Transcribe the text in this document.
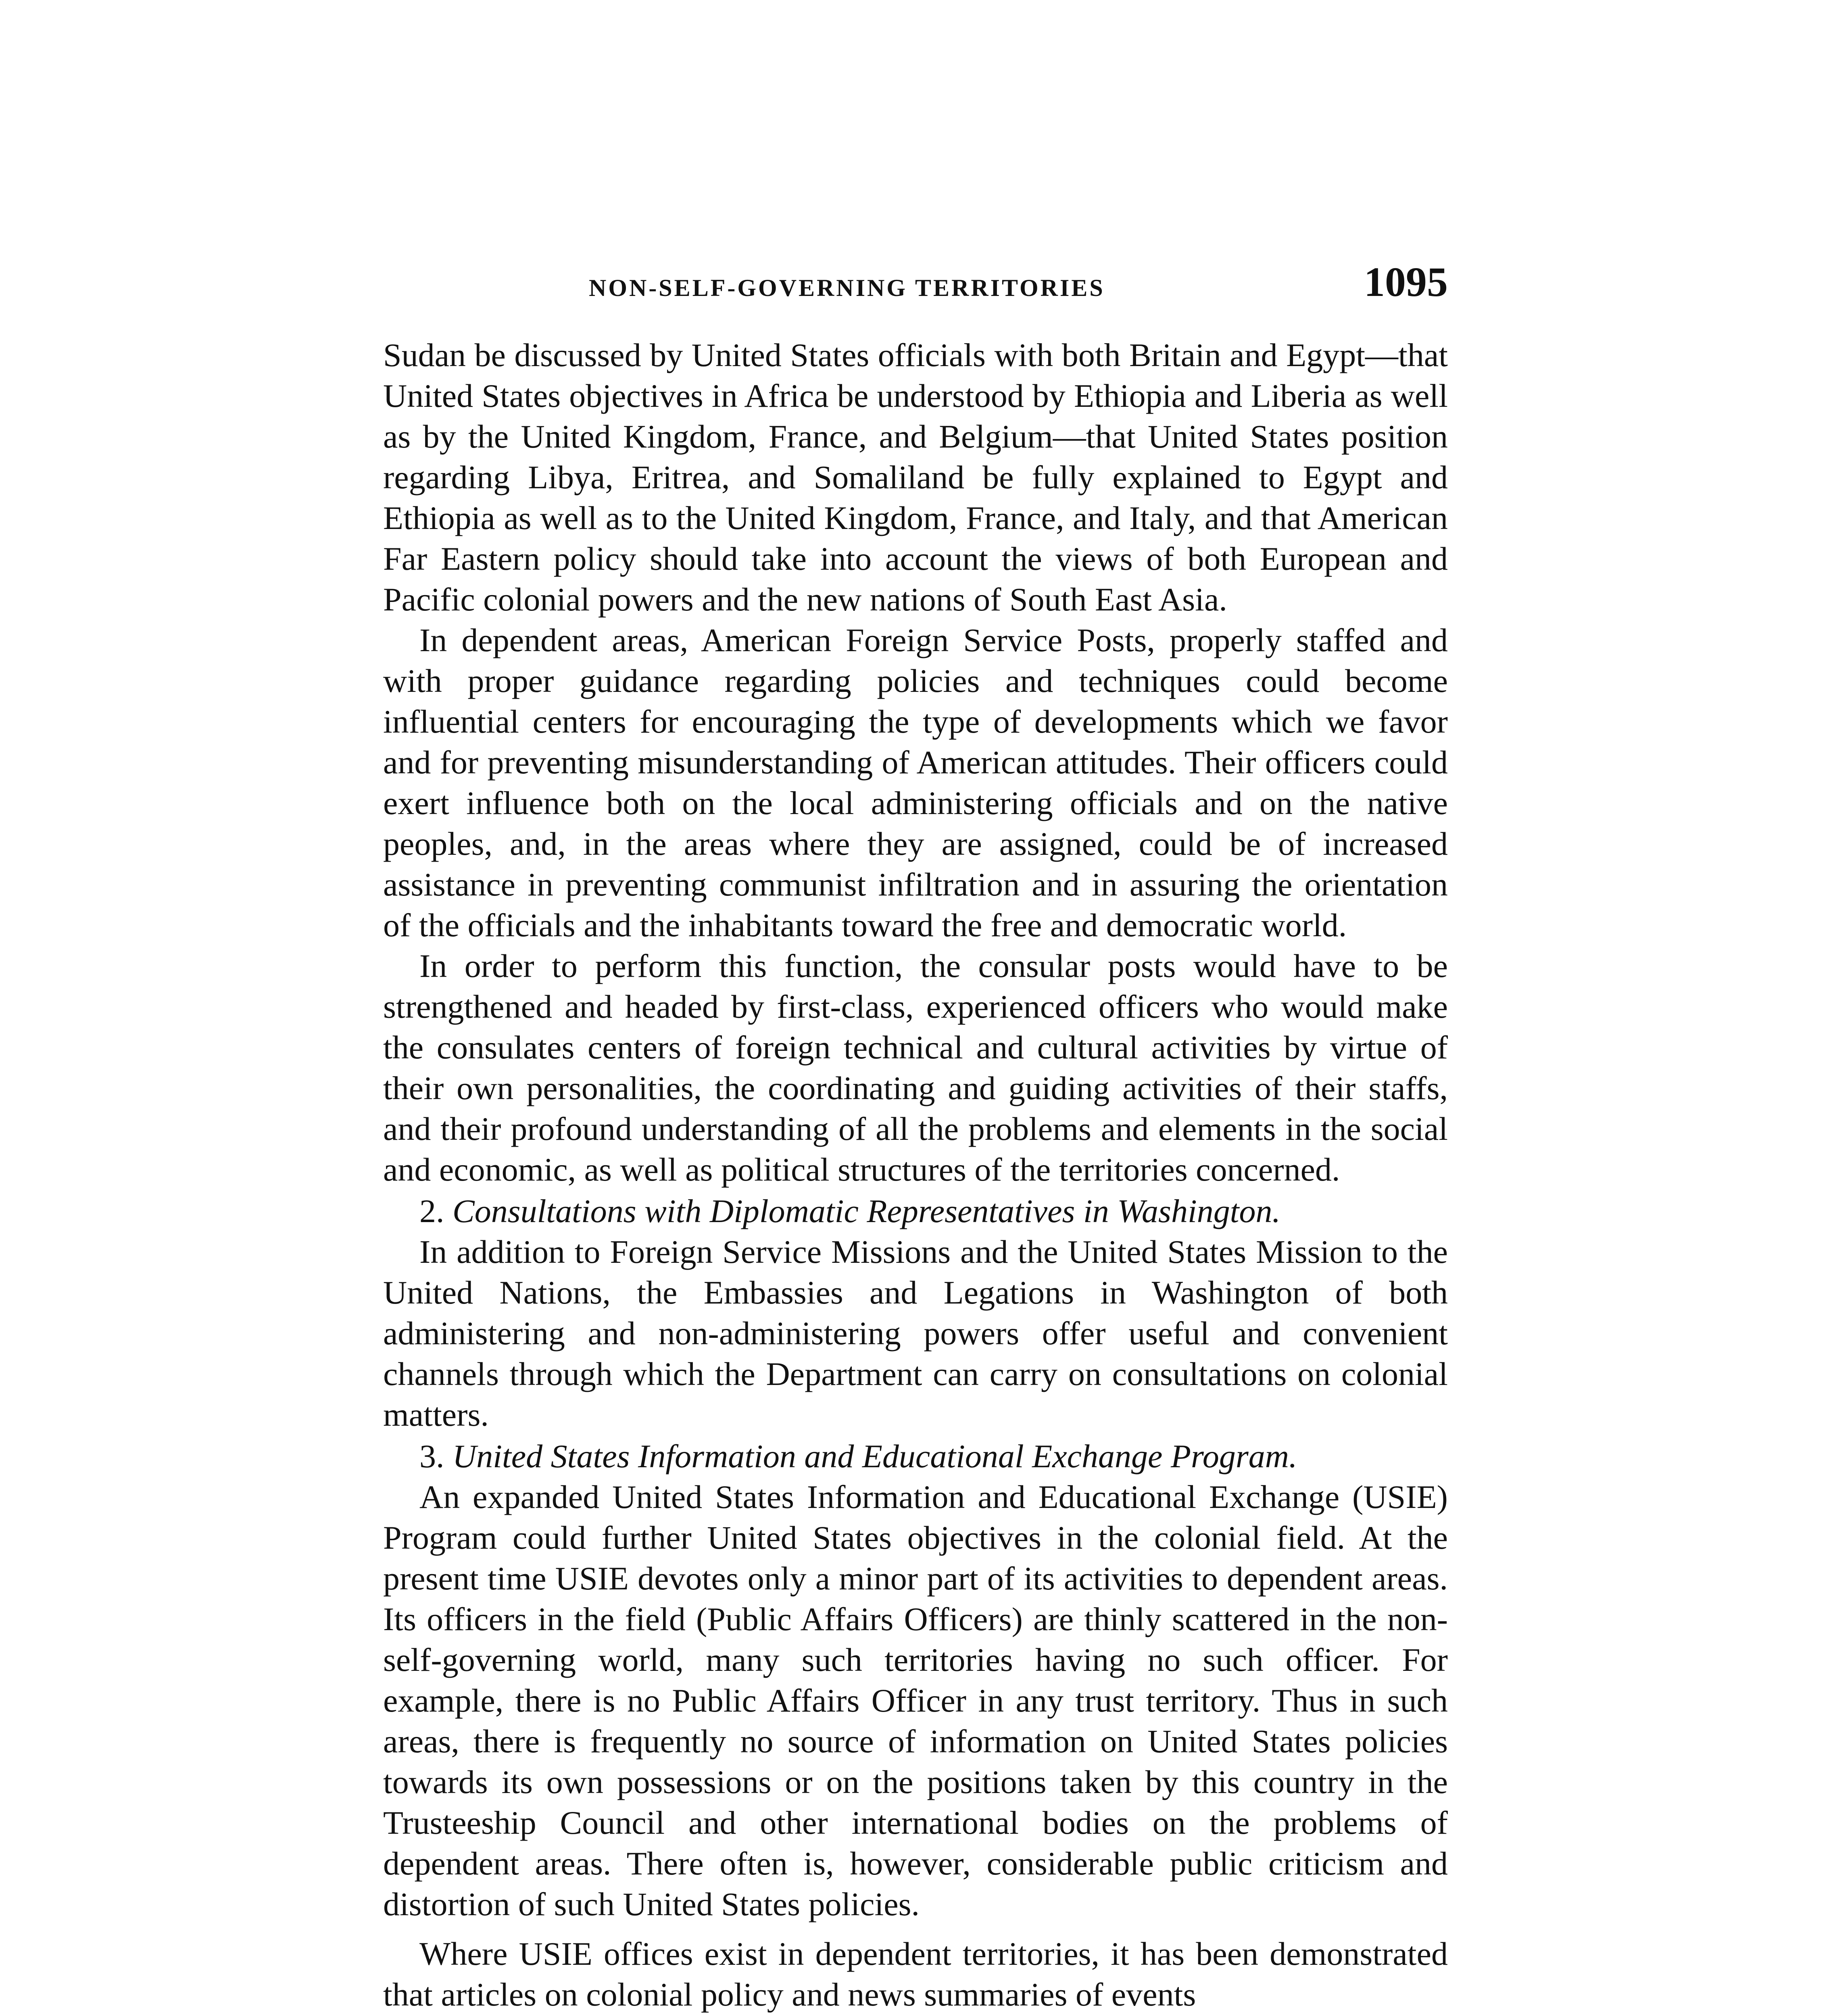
NON-SELF-GOVERNING TERRITORIES	1095

Sudan be discussed by United States officials with both Britain and Egypt—that United States objectives in Africa be understood by Ethiopia and Liberia as well as by the United Kingdom, France, and Belgium—that United States position regarding Libya, Eritrea, and Somaliland be fully explained to Egypt and Ethiopia as well as to the United Kingdom, France, and Italy, and that American Far Eastern policy should take into account the views of both European and Pacific colonial powers and the new nations of South East Asia.

In dependent areas, American Foreign Service Posts, properly staffed and with proper guidance regarding policies and techniques could become influential centers for encouraging the type of developments which we favor and for preventing misunderstanding of American attitudes. Their officers could exert influence both on the local administering officials and on the native peoples, and, in the areas where they are assigned, could be of increased assistance in preventing communist infiltration and in assuring the orientation of the officials and the inhabitants toward the free and democratic world.

In order to perform this function, the consular posts would have to be strengthened and headed by first-class, experienced officers who would make the consulates centers of foreign technical and cultural activities by virtue of their own personalities, the coordinating and guiding activities of their staffs, and their profound understanding of all the problems and elements in the social and economic, as well as political structures of the territories concerned.

2. Consultations with Diplomatic Representatives in Washington.

In addition to Foreign Service Missions and the United States Mission to the United Nations, the Embassies and Legations in Washington of both administering and non-administering powers offer useful and convenient channels through which the Department can carry on consultations on colonial matters.

3. United States Information and Educational Exchange Program.

An expanded United States Information and Educational Exchange (USIE) Program could further United States objectives in the colonial field. At the present time USIE devotes only a minor part of its activities to dependent areas. Its officers in the field (Public Affairs Officers) are thinly scattered in the non-self-governing world, many such territories having no such officer. For example, there is no Public Affairs Officer in any trust territory. Thus in such areas, there is frequently no source of information on United States policies towards its own possessions or on the positions taken by this country in the Trusteeship Council and other international bodies on the problems of dependent areas. There often is, however, considerable public criticism and distortion of such United States policies.

Where USIE offices exist in dependent territories, it has been demonstrated that articles on colonial policy and news summaries of events
